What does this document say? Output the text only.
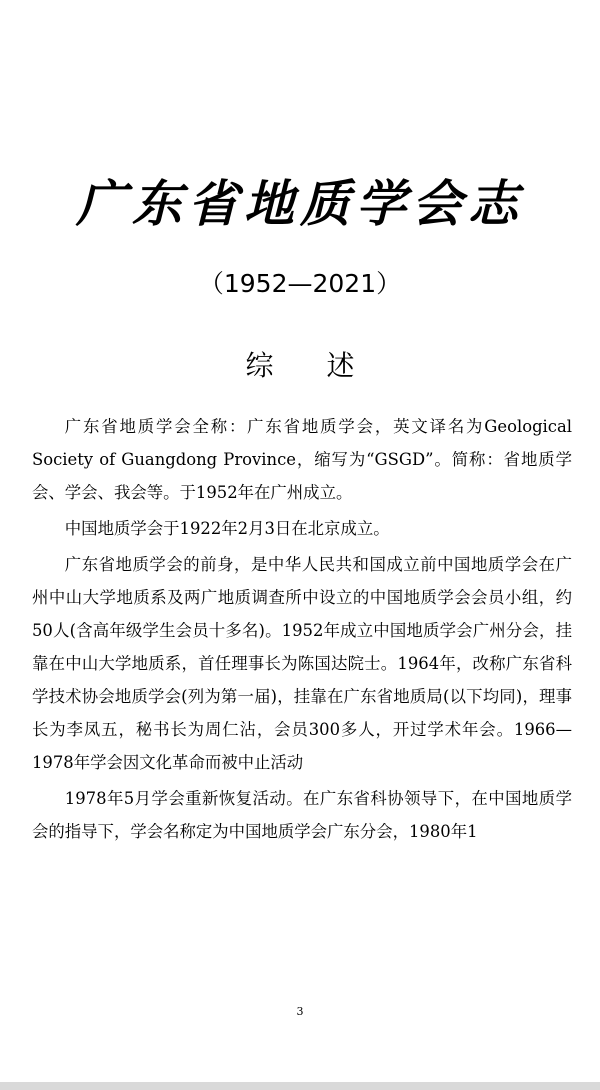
广东省地质学会志
（1952—2021）
综 述

广东省地质学会全称：广东省地质学会，英文译名为Geological Society of Guangdong Province，缩写为“GSGD”。简称：省地质学会、学会、我会等。于1952年在广州成立。

中国地质学会于1922年2月3日在北京成立。

广东省地质学会的前身，是中华人民共和国成立前中国地质学会在广州中山大学地质系及两广地质调查所中设立的中国地质学会会员小组，约50人(含高年级学生会员十多名)。1952年成立中国地质学会广州分会，挂靠在中山大学地质系，首任理事长为陈国达院士。1964年，改称广东省科学技术协会地质学会(列为第一届)，挂靠在广东省地质局(以下均同)，理事长为李凤五，秘书长为周仁沾，会员300多人，开过学术年会。1966—1978年学会因文化革命而被中止活动

1978年5月学会重新恢复活动。在广东省科协领导下，在中国地质学会的指导下，学会名称定为中国地质学会广东分会，1980年1

3
